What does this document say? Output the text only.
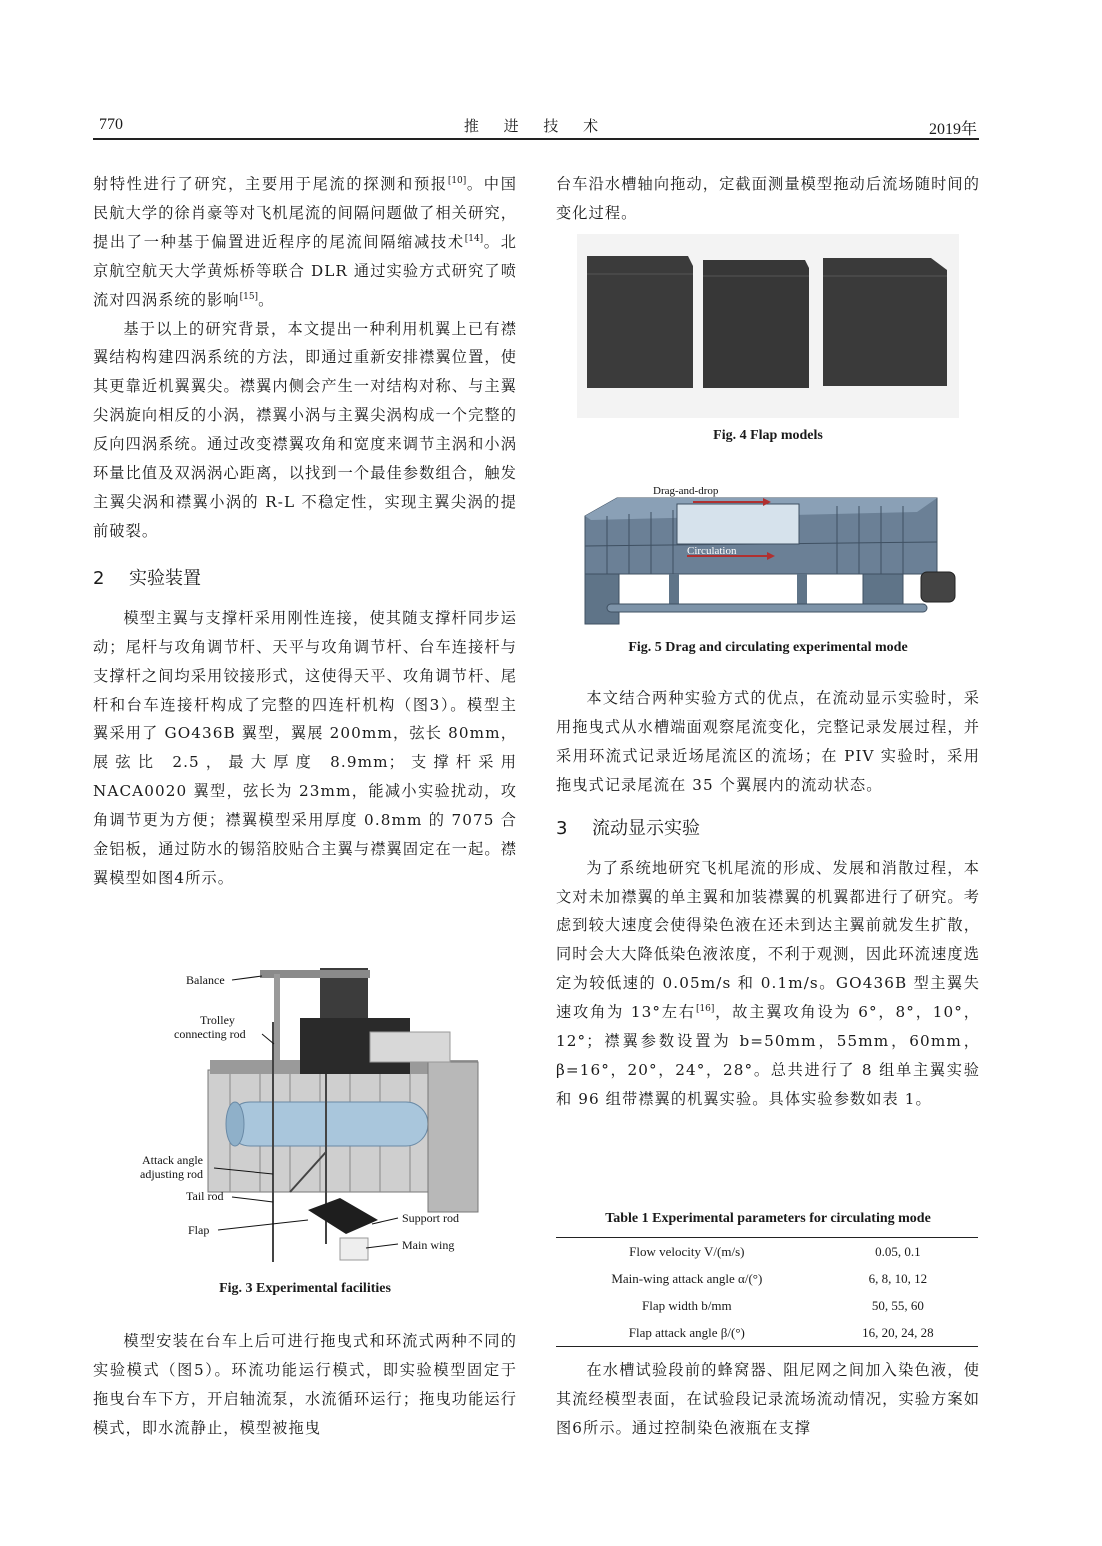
770	推 进 技 术	2019年

射特性进行了研究，主要用于尾流的探测和预报[10]。中国民航大学的徐肖豪等对飞机尾流的间隔问题做了相关研究，提出了一种基于偏置进近程序的尾流间隔缩减技术[14]。北京航空航天大学黄烁桥等联合 DLR 通过实验方式研究了喷流对四涡系统的影响[15]。

基于以上的研究背景，本文提出一种利用机翼上已有襟翼结构构建四涡系统的方法，即通过重新安排襟翼位置，使其更靠近机翼翼尖。襟翼内侧会产生一对结构对称、与主翼尖涡旋向相反的小涡，襟翼小涡与主翼尖涡构成一个完整的反向四涡系统。通过改变襟翼攻角和宽度来调节主涡和小涡环量比值及双涡涡心距离，以找到一个最佳参数组合，触发主翼尖涡和襟翼小涡的 R-L 不稳定性，实现主翼尖涡的提前破裂。

2 实验装置

模型主翼与支撑杆采用刚性连接，使其随支撑杆同步运动；尾杆与攻角调节杆、天平与攻角调节杆、台车连接杆与支撑杆之间均采用铰接形式，这使得天平、攻角调节杆、尾杆和台车连接杆构成了完整的四连杆机构（图3）。模型主翼采用了 GO436B 翼型，翼展 200mm，弦长 80mm，展弦比 2.5，最大厚度 8.9mm；支撑杆采用 NACA0020 翼型，弦长为 23mm，能减小实验扰动，攻角调节更为方便；襟翼模型采用厚度 0.8mm 的 7075 合金铝板，通过防水的锡箔胶贴合主翼与襟翼固定在一起。襟翼模型如图4所示。

Balance
Trolley
connecting rod
Attack angle
adjusting rod
Tail rod
Flap
Support rod
Main wing
Fig. 3 Experimental facilities

模型安装在台车上后可进行拖曳式和环流式两种不同的实验模式（图5）。环流功能运行模式，即实验模型固定于拖曳台车下方，开启轴流泵，水流循环运行；拖曳功能运行模式，即水流静止，模型被拖曳

台车沿水槽轴向拖动，定截面测量模型拖动后流场随时间的变化过程。

Fig. 4 Flap models
Drag-and-drop
Circulation
Fig. 5 Drag and circulating experimental mode

本文结合两种实验方式的优点，在流动显示实验时，采用拖曳式从水槽端面观察尾流变化，完整记录发展过程，并采用环流式记录近场尾流区的流场；在 PIV 实验时，采用拖曳式记录尾流在 35 个翼展内的流动状态。

3 流动显示实验

为了系统地研究飞机尾流的形成、发展和消散过程，本文对未加襟翼的单主翼和加装襟翼的机翼都进行了研究。考虑到较大速度会使得染色液在还未到达主翼前就发生扩散，同时会大大降低染色液浓度，不利于观测，因此环流速度选定为较低速的 0.05m/s 和 0.1m/s。GO436B 型主翼失速攻角为 13°左右[16]，故主翼攻角设为 6°，8°，10°，12°；襟翼参数设置为 b=50mm，55mm，60mm，β=16°，20°，24°，28°。总共进行了 8 组单主翼实验和 96 组带襟翼的机翼实验。具体实验参数如表 1。

Table 1 Experimental parameters for circulating mode
Flow velocity V/(m/s)	0.05, 0.1
Main-wing attack angle α/(°)	6, 8, 10, 12
Flap width b/mm	50, 55, 60
Flap attack angle β/(°)	16, 20, 24, 28

在水槽试验段前的蜂窝器、阻尼网之间加入染色液，使其流经模型表面，在试验段记录流场流动情况，实验方案如图6所示。通过控制染色液瓶在支撑
